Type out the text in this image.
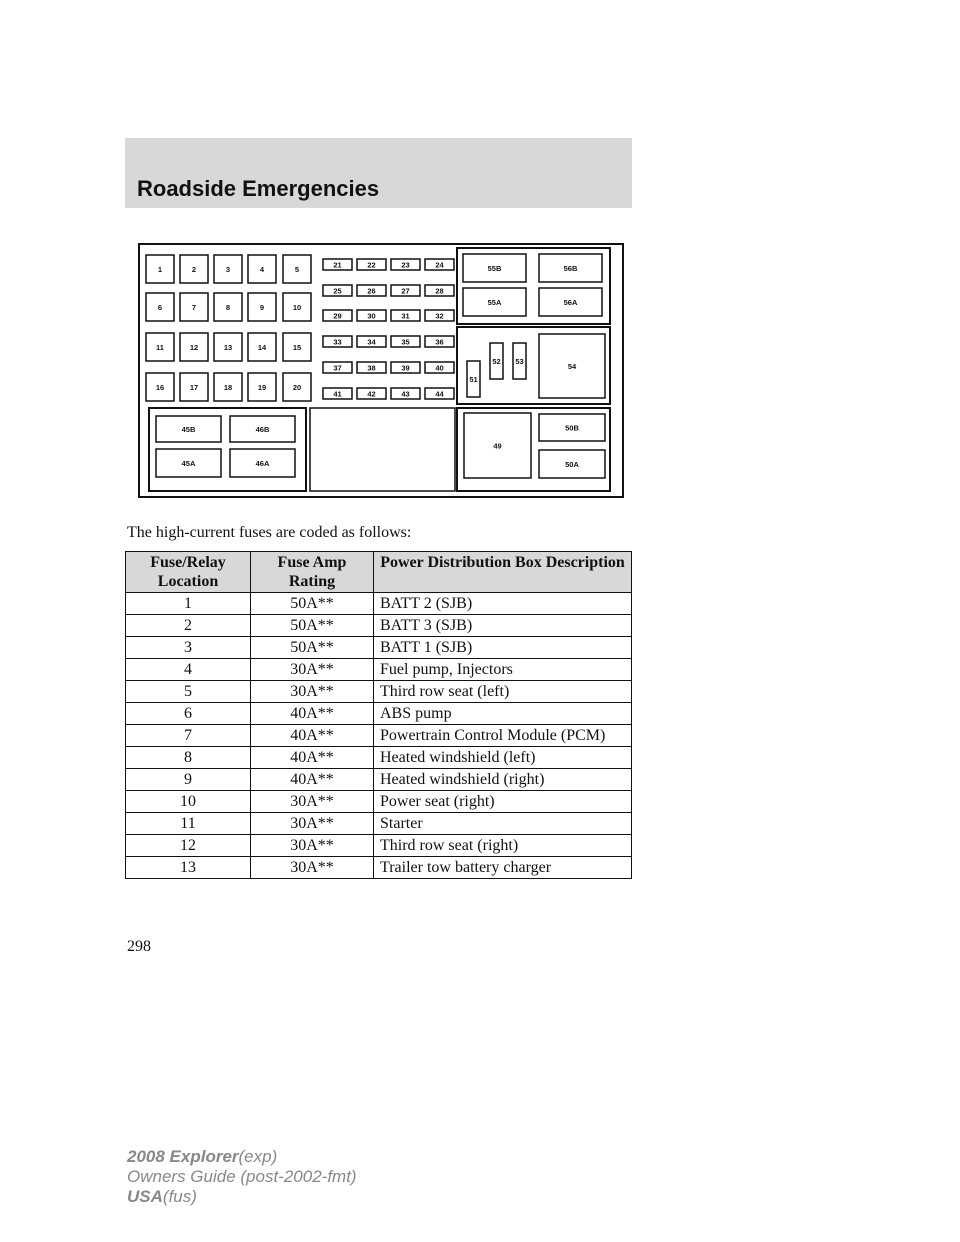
Roadside Emergencies
1	2	3	4	5
6	7	8	9	10
11	12	13	14	15
16	17	18	19	20
21	22	23	24
25	26	27	28
29	30	31	32
33	34	35	36
37	38	39	40
41	42	43	44
55B	56B
55A	56A
51
52 53
54
45B	46B
45A	46A
49
50B
50A
The high-current fuses are coded as follows:
Fuse/Relay Location	Fuse Amp Rating	Power Distribution Box Description
1	50A**	BATT 2 (SJB)
2	50A**	BATT 3 (SJB)
3	50A**	BATT 1 (SJB)
4	30A**	Fuel pump, Injectors
5	30A**	Third row seat (left)
6	40A**	ABS pump
7	40A**	Powertrain Control Module (PCM)
8	40A**	Heated windshield (left)
9	40A**	Heated windshield (right)
10	30A**	Power seat (right)
11	30A**	Starter
12	30A**	Third row seat (right)
13	30A**	Trailer tow battery charger
298
2008 Explorer(exp)
Owners Guide (post-2002-fmt)
USA(fus)
